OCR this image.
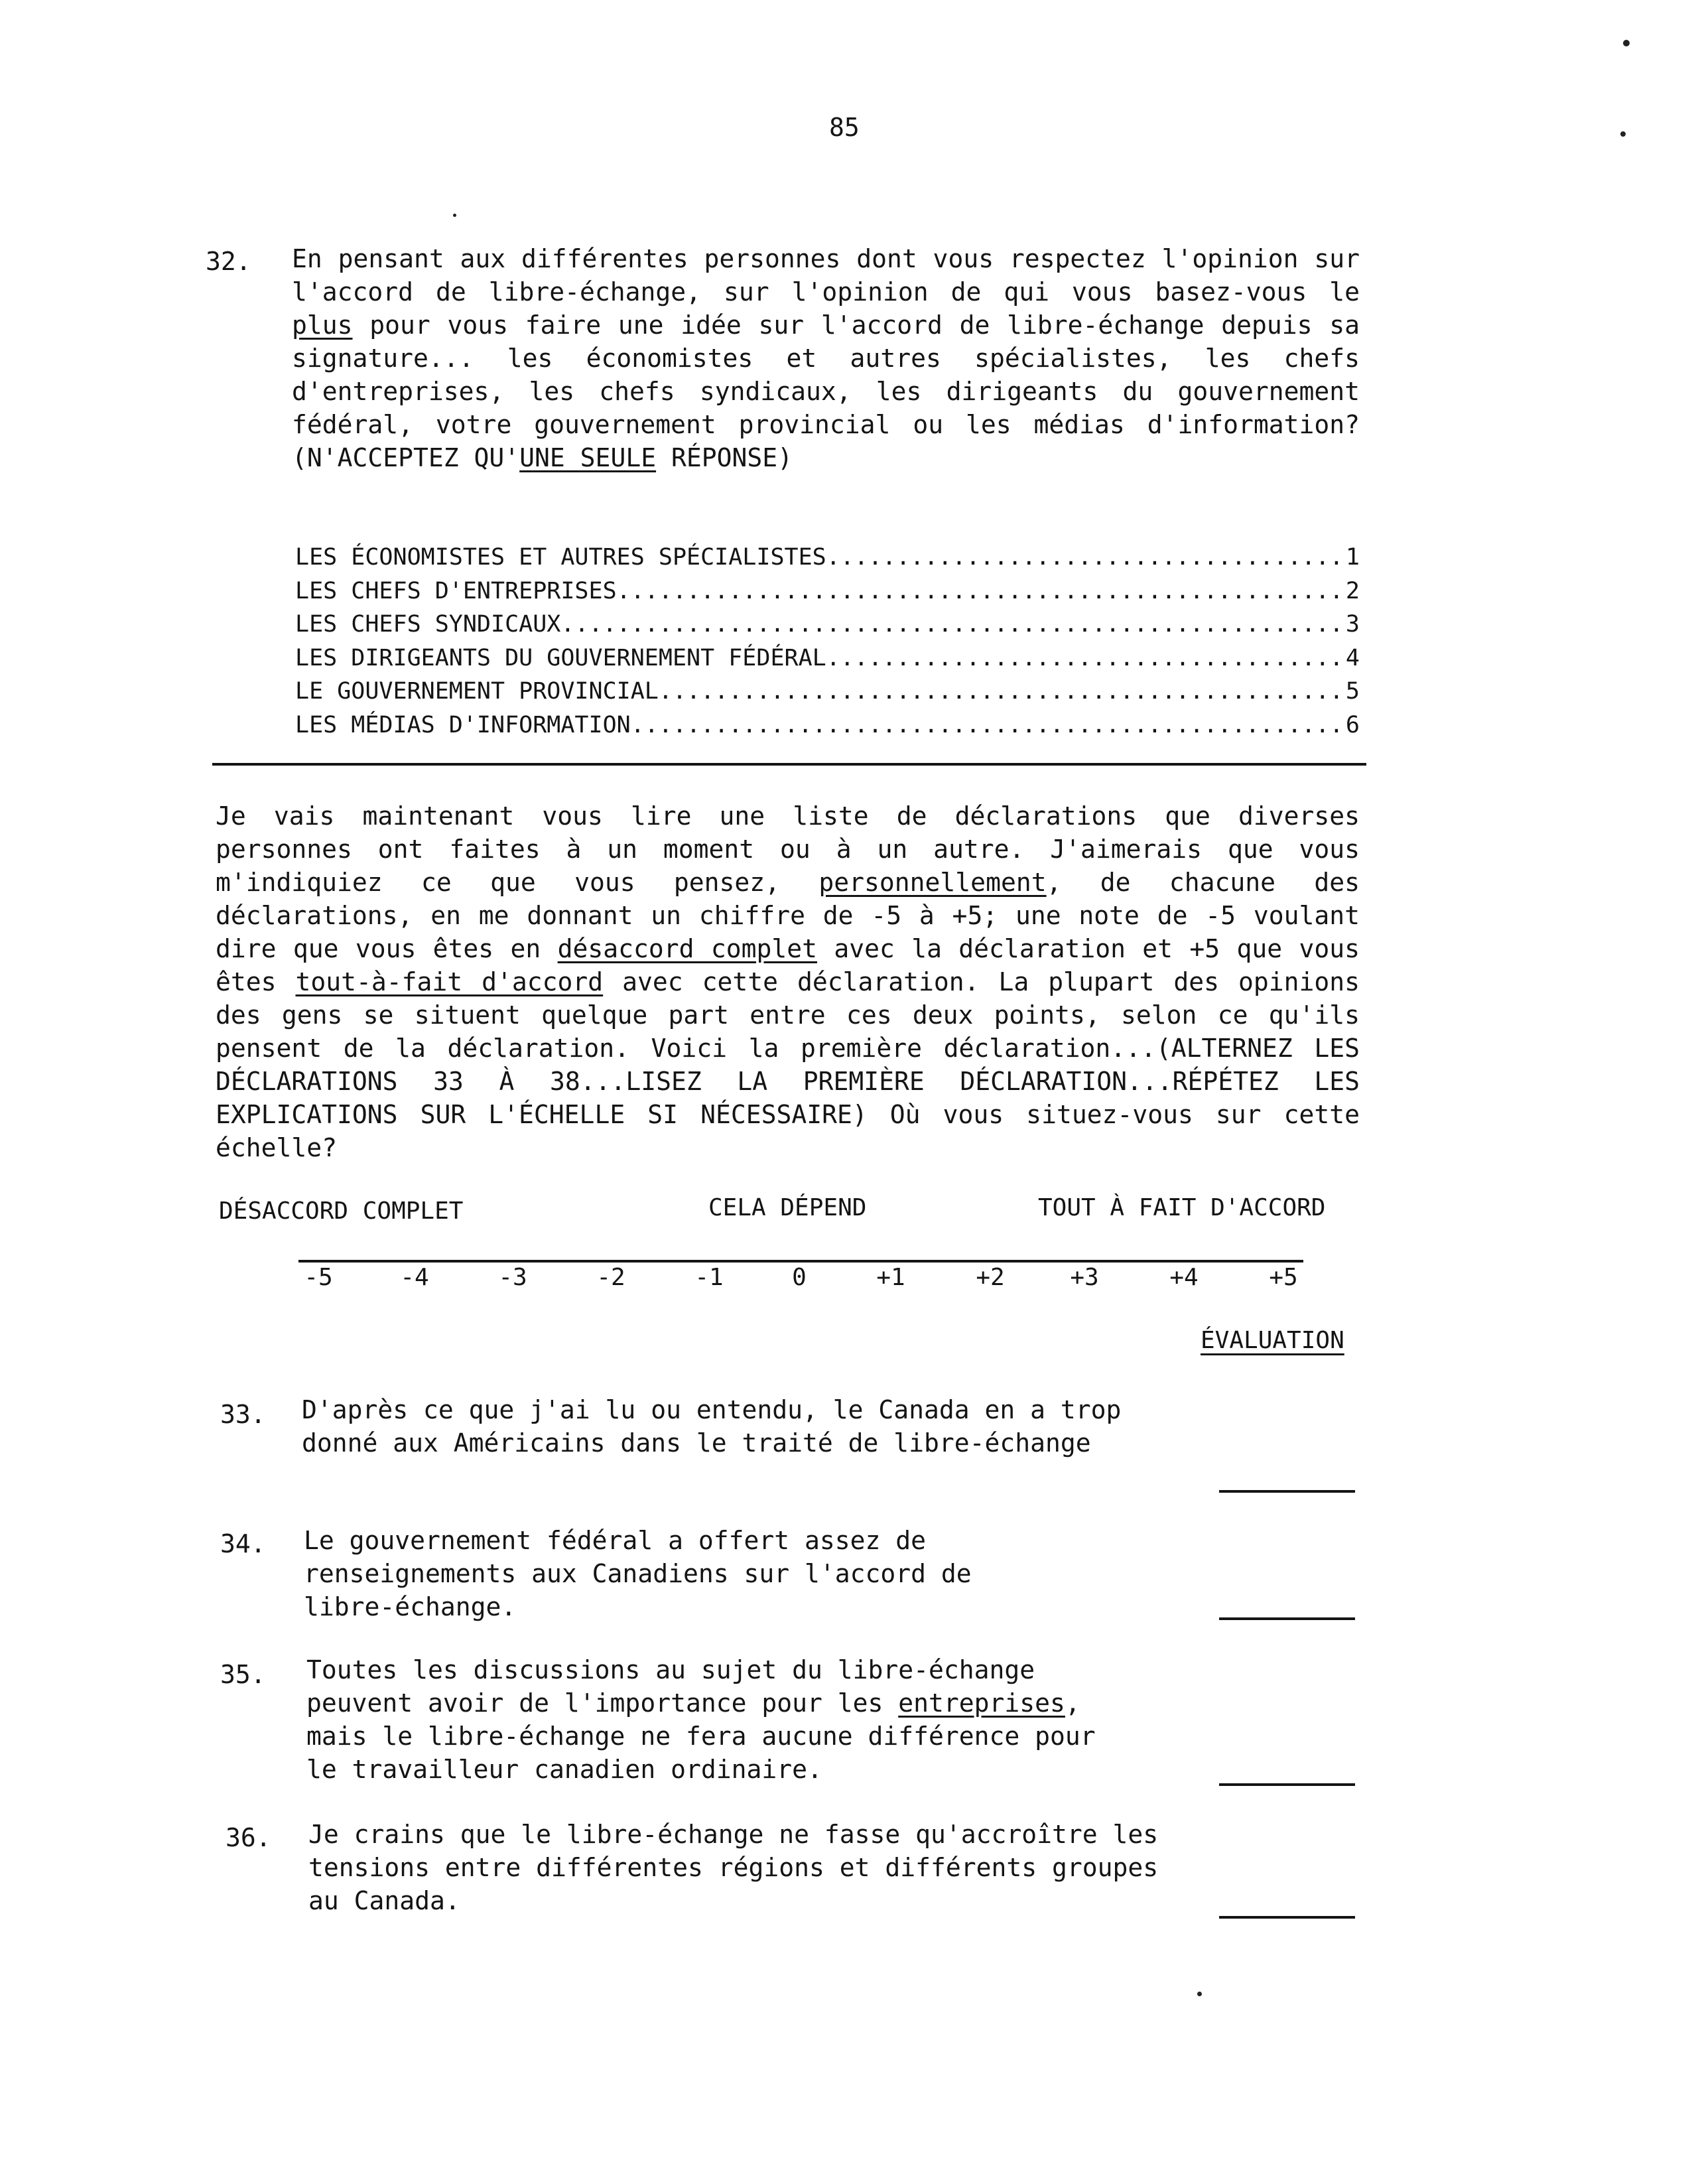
85
32. En pensant aux différentes personnes dont vous respectez l'opinion sur l'accord de libre-échange, sur l'opinion de qui vous basez-vous le plus pour vous faire une idée sur l'accord de libre-échange depuis sa signature... les économistes et autres spécialistes, les chefs d'entreprises, les chefs syndicaux, les dirigeants du gouvernement fédéral, votre gouvernement provincial ou les médias d'information? (N'ACCEPTEZ QU'UNE SEULE RÉPONSE)
LES ÉCONOMISTES ET AUTRES SPÉCIALISTES .....	1
LES CHEFS D'ENTREPRISES .....	2
LES CHEFS SYNDICAUX .....	3
LES DIRIGEANTS DU GOUVERNEMENT FÉDÉRAL .....	4
LE GOUVERNEMENT PROVINCIAL .....	5
LES MÉDIAS D'INFORMATION .....	6
Je vais maintenant vous lire une liste de déclarations que diverses personnes ont faites à un moment ou à un autre. J'aimerais que vous m'indiquiez ce que vous pensez, personnellement, de chacune des déclarations, en me donnant un chiffre de -5 à +5; une note de -5 voulant dire que vous êtes en désaccord complet avec la déclaration et +5 que vous êtes tout-à-fait d'accord avec cette déclaration. La plupart des opinions des gens se situent quelque part entre ces deux points, selon ce qu'ils pensent de la déclaration. Voici la première déclaration...(ALTERNEZ LES DÉCLARATIONS 33 À 38...LISEZ LA PREMIÈRE DÉCLARATION...RÉPÉTEZ LES EXPLICATIONS SUR L'ÉCHELLE SI NÉCESSAIRE) Où vous situez-vous sur cette échelle?
DÉSACCORD COMPLET	CELA DÉPEND	TOUT À FAIT D'ACCORD
-5	-4	-3	-2	-1	0	+1	+2	+3	+4	+5
ÉVALUATION
33. D'après ce que j'ai lu ou entendu, le Canada en a trop donné aux Américains dans le traité de libre-échange
34. Le gouvernement fédéral a offert assez de renseignements aux Canadiens sur l'accord de libre-échange.
35. Toutes les discussions au sujet du libre-échange peuvent avoir de l'importance pour les entreprises, mais le libre-échange ne fera aucune différence pour le travailleur canadien ordinaire.
36. Je crains que le libre-échange ne fasse qu'accroître les tensions entre différentes régions et différents groupes au Canada.
